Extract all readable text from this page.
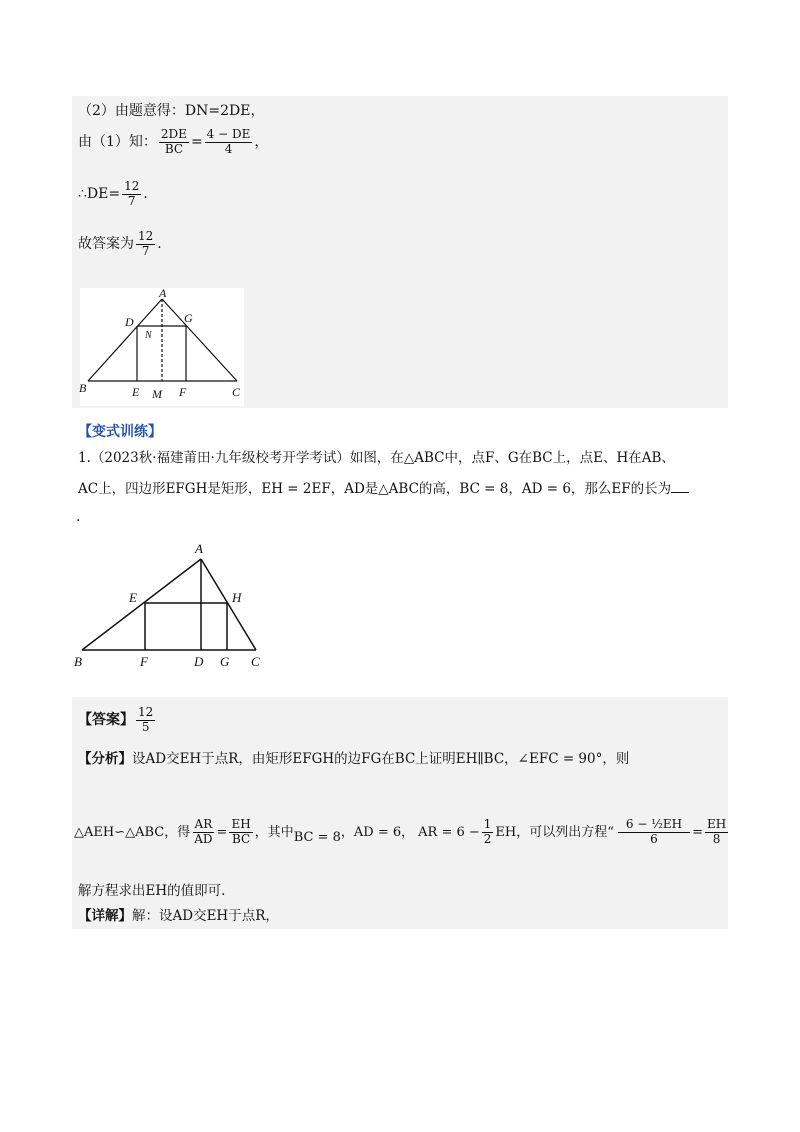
（2）由题意得：DN=2DE，
由（1）知： $\frac{2DE}{BC} = \frac{4 - DE}{4}$ ，
∴DE= $\frac{12}{7}$ .
故答案为 $\frac{12}{7}$ .
A
D	G
N
B	E M F	C
【变式训练】
1.（2023秋·福建莆田·九年级校考开学考试）如图，在△ABC中，点F、G在BC上，点E、H在AB、
AC上，四边形EFGH是矩形，EH = 2EF，AD是△ABC的高，BC = 8，AD = 6，那么EF的长为
.
A
E	H
B	F	D G C
【答案】 $\frac{12}{5}$
【分析】设AD交EH于点R，由矩形EFGH的边FG在BC上证明EH∥BC，∠EFC = 90°，则
△AEH∽△ABC，得 $\frac{AR}{AD} = \frac{EH}{BC}$ ，其中 BC = 8 ， AD = 6 ， AR = $6 - \frac{1}{2}$ EH，可以列出方程“ $\frac{\text{6 − ½EH}}{6} = \frac{EH}{8}$
解方程求出EH的值即可.
【详解】解：设AD交EH于点R，
